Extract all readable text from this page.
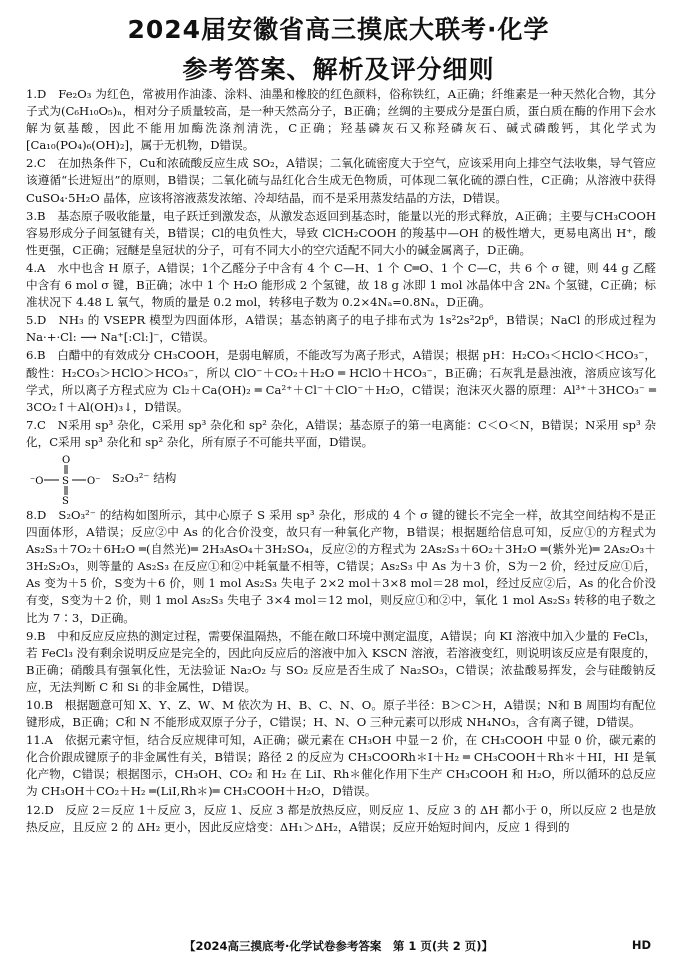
2024届安徽省高三摸底大联考·化学
参考答案、解析及评分细则

1.D　 Fe₂O₃ 为红色，常被用作油漆、涂料、油墨和橡胶的红色颜料，俗称铁红，A正确；纤维素是一种天然化合物，其分子式为(C₆H₁₀O₅)ₙ，相对分子质量较高，是一种天然高分子，B正确；丝绸的主要成分是蛋白质，蛋白质在酶的作用下会水解为氨基酸，因此不能用加酶洗涤剂清洗，C正确；羟基磷灰石又称羟磷灰石、碱式磷酸钙，其化学式为[Ca₁₀(PO₄)₆(OH)₂]，属于无机物，D错误。

2.C　 在加热条件下，Cu和浓硫酸反应生成 SO₂，A错误；二氧化硫密度大于空气，应该采用向上排空气法收集，导气管应该遵循“长进短出”的原则，B错误；二氧化硫与品红化合生成无色物质，可体现二氧化硫的漂白性，C正确；从溶液中获得 CuSO₄·5H₂O 晶体，应该将溶液蒸发浓缩、冷却结晶，而不是采用蒸发结晶的方法，D错误。

3.B　 基态原子吸收能量，电子跃迁到激发态，从激发态返回到基态时，能量以光的形式释放，A正确；主要与CH₃COOH 容易形成分子间氢键有关，B错误；Cl的电负性大，导致 ClCH₂COOH 的羧基中—OH 的极性增大，更易电离出 H⁺，酸性更强，C正确；冠醚是皇冠状的分子，可有不同大小的空穴适配不同大小的碱金属离子，D正确。

4.A　 水中也含 H 原子，A错误；1个乙醛分子中含有 4 个 C—H、1 个 C═O、1 个 C—C，共 6 个 σ 键，则 44 g 乙醛中含有 6 mol σ 键，B正确；冰中 1 个 H₂O 能形成 2 个氢键，故 18 g 冰即 1 mol 冰晶体中含 2Nₐ 个氢键，C正确；标准状况下 4.48 L 氧气，物质的量是 0.2 mol，转移电子数为 0.2×4Nₐ=0.8Nₐ，D正确。

5.D　 NH₃ 的 VSEPR 模型为四面体形，A错误；基态钠离子的电子排布式为 1s²2s²2p⁶，B错误；NaCl 的形成过程为 Na·+·Cl: ⟶ Na⁺[:Cl:]⁻，C错误。

6.B　 白醋中的有效成分 CH₃COOH，是弱电解质，不能改写为离子形式，A错误；根据 pH：H₂CO₃＜HClO＜HCO₃⁻，酸性：H₂CO₃＞HClO＞HCO₃⁻，所以 ClO⁻＋CO₂＋H₂O ═ HClO＋HCO₃⁻，B正确；石灰乳是悬浊液，溶质应该写化学式，所以离子方程式应为 Cl₂＋Ca(OH)₂ ═ Ca²⁺＋Cl⁻＋ClO⁻＋H₂O，C错误；泡沫灭火器的原理：Al³⁺＋3HCO₃⁻ ═ 3CO₂↑＋Al(OH)₃↓，D错误。

7.C　 N采用 sp³ 杂化，C采用 sp³ 杂化和 sp² 杂化，A错误；基态原子的第一电离能：C＜O＜N，B错误；N采用 sp³ 杂化，C采用 sp³ 杂化和 sp² 杂化，所有原子不可能共平面，D错误。

O
⁻O S O⁻
S
S₂O₃²⁻ 结构

8.D　 S₂O₃²⁻ 的结构如图所示，其中心原子 S 采用 sp³ 杂化，形成的 4 个 σ 键的键长不完全一样，故其空间结构不是正四面体形，A错误；反应②中 As 的化合价没变，故只有一种氧化产物，B错误；根据题给信息可知，反应①的方程式为 As₂S₃＋7O₂＋6H₂O ═(自然光)═ 2H₃AsO₄＋3H₂SO₄，反应②的方程式为 2As₂S₃＋6O₂＋3H₂O ═(紫外光)═ 2As₂O₃＋3H₂S₂O₃，则等量的 As₂S₃ 在反应①和②中耗氧量不相等，C错误；As₂S₃ 中 As 为＋3 价，S为－2 价，经过反应①后，As 变为＋5 价，S变为＋6 价，则 1 mol As₂S₃ 失电子 2×2 mol＋3×8 mol＝28 mol，经过反应②后，As 的化合价没有变，S变为＋2 价，则 1 mol As₂S₃ 失电子 3×4 mol＝12 mol，则反应①和②中，氧化 1 mol As₂S₃ 转移的电子数之比为 7∶3，D正确。

9.B　 中和反应反应热的测定过程，需要保温隔热，不能在敞口环境中测定温度，A错误；向 KI 溶液中加入少量的 FeCl₃，若 FeCl₃ 没有剩余说明反应是完全的，因此向反应后的溶液中加入 KSCN 溶液，若溶液变红，则说明该反应是有限度的，B正确；硝酸具有强氧化性，无法验证 Na₂O₂ 与 SO₂ 反应是否生成了 Na₂SO₃，C错误；浓盐酸易挥发，会与硅酸钠反应，无法判断 C 和 Si 的非金属性，D错误。

10.B　 根据题意可知 X、Y、Z、W、M 依次为 H、B、C、N、O。原子半径：B＞C＞H，A错误；N和 B 周围均有配位键形成，B正确；C和 N 不能形成双原子分子，C错误；H、N、O 三种元素可以形成 NH₄NO₃，含有离子键，D错误。

11.A　 依据元素守恒，结合反应规律可知，A正确；碳元素在 CH₃OH 中显－2 价，在 CH₃COOH 中显 0 价，碳元素的化合价跟成键原子的非金属性有关，B错误；路径 2 的反应为 CH₃COORh＊I＋H₂ ═ CH₃COOH＋Rh＊＋HI，HI 是氧化产物，C错误；根据图示，CH₃OH、CO₂ 和 H₂ 在 LiI、Rh＊催化作用下生产 CH₃COOH 和 H₂O，所以循环的总反应为 CH₃OH＋CO₂＋H₂ ═(LiI,Rh＊)═ CH₃COOH＋H₂O，D错误。

12.D　 反应 2＝反应 1＋反应 3，反应 1、反应 3 都是放热反应，则反应 1、反应 3 的 ΔH 都小于 0，所以反应 2 也是放热反应，且反应 2 的 ΔH₂ 更小，因此反应焓变：ΔH₁＞ΔH₂，A错误；反应开始短时间内，反应 1 得到的

【2024高三摸底考·化学试卷参考答案　第 1 页(共 2 页)】	HD
